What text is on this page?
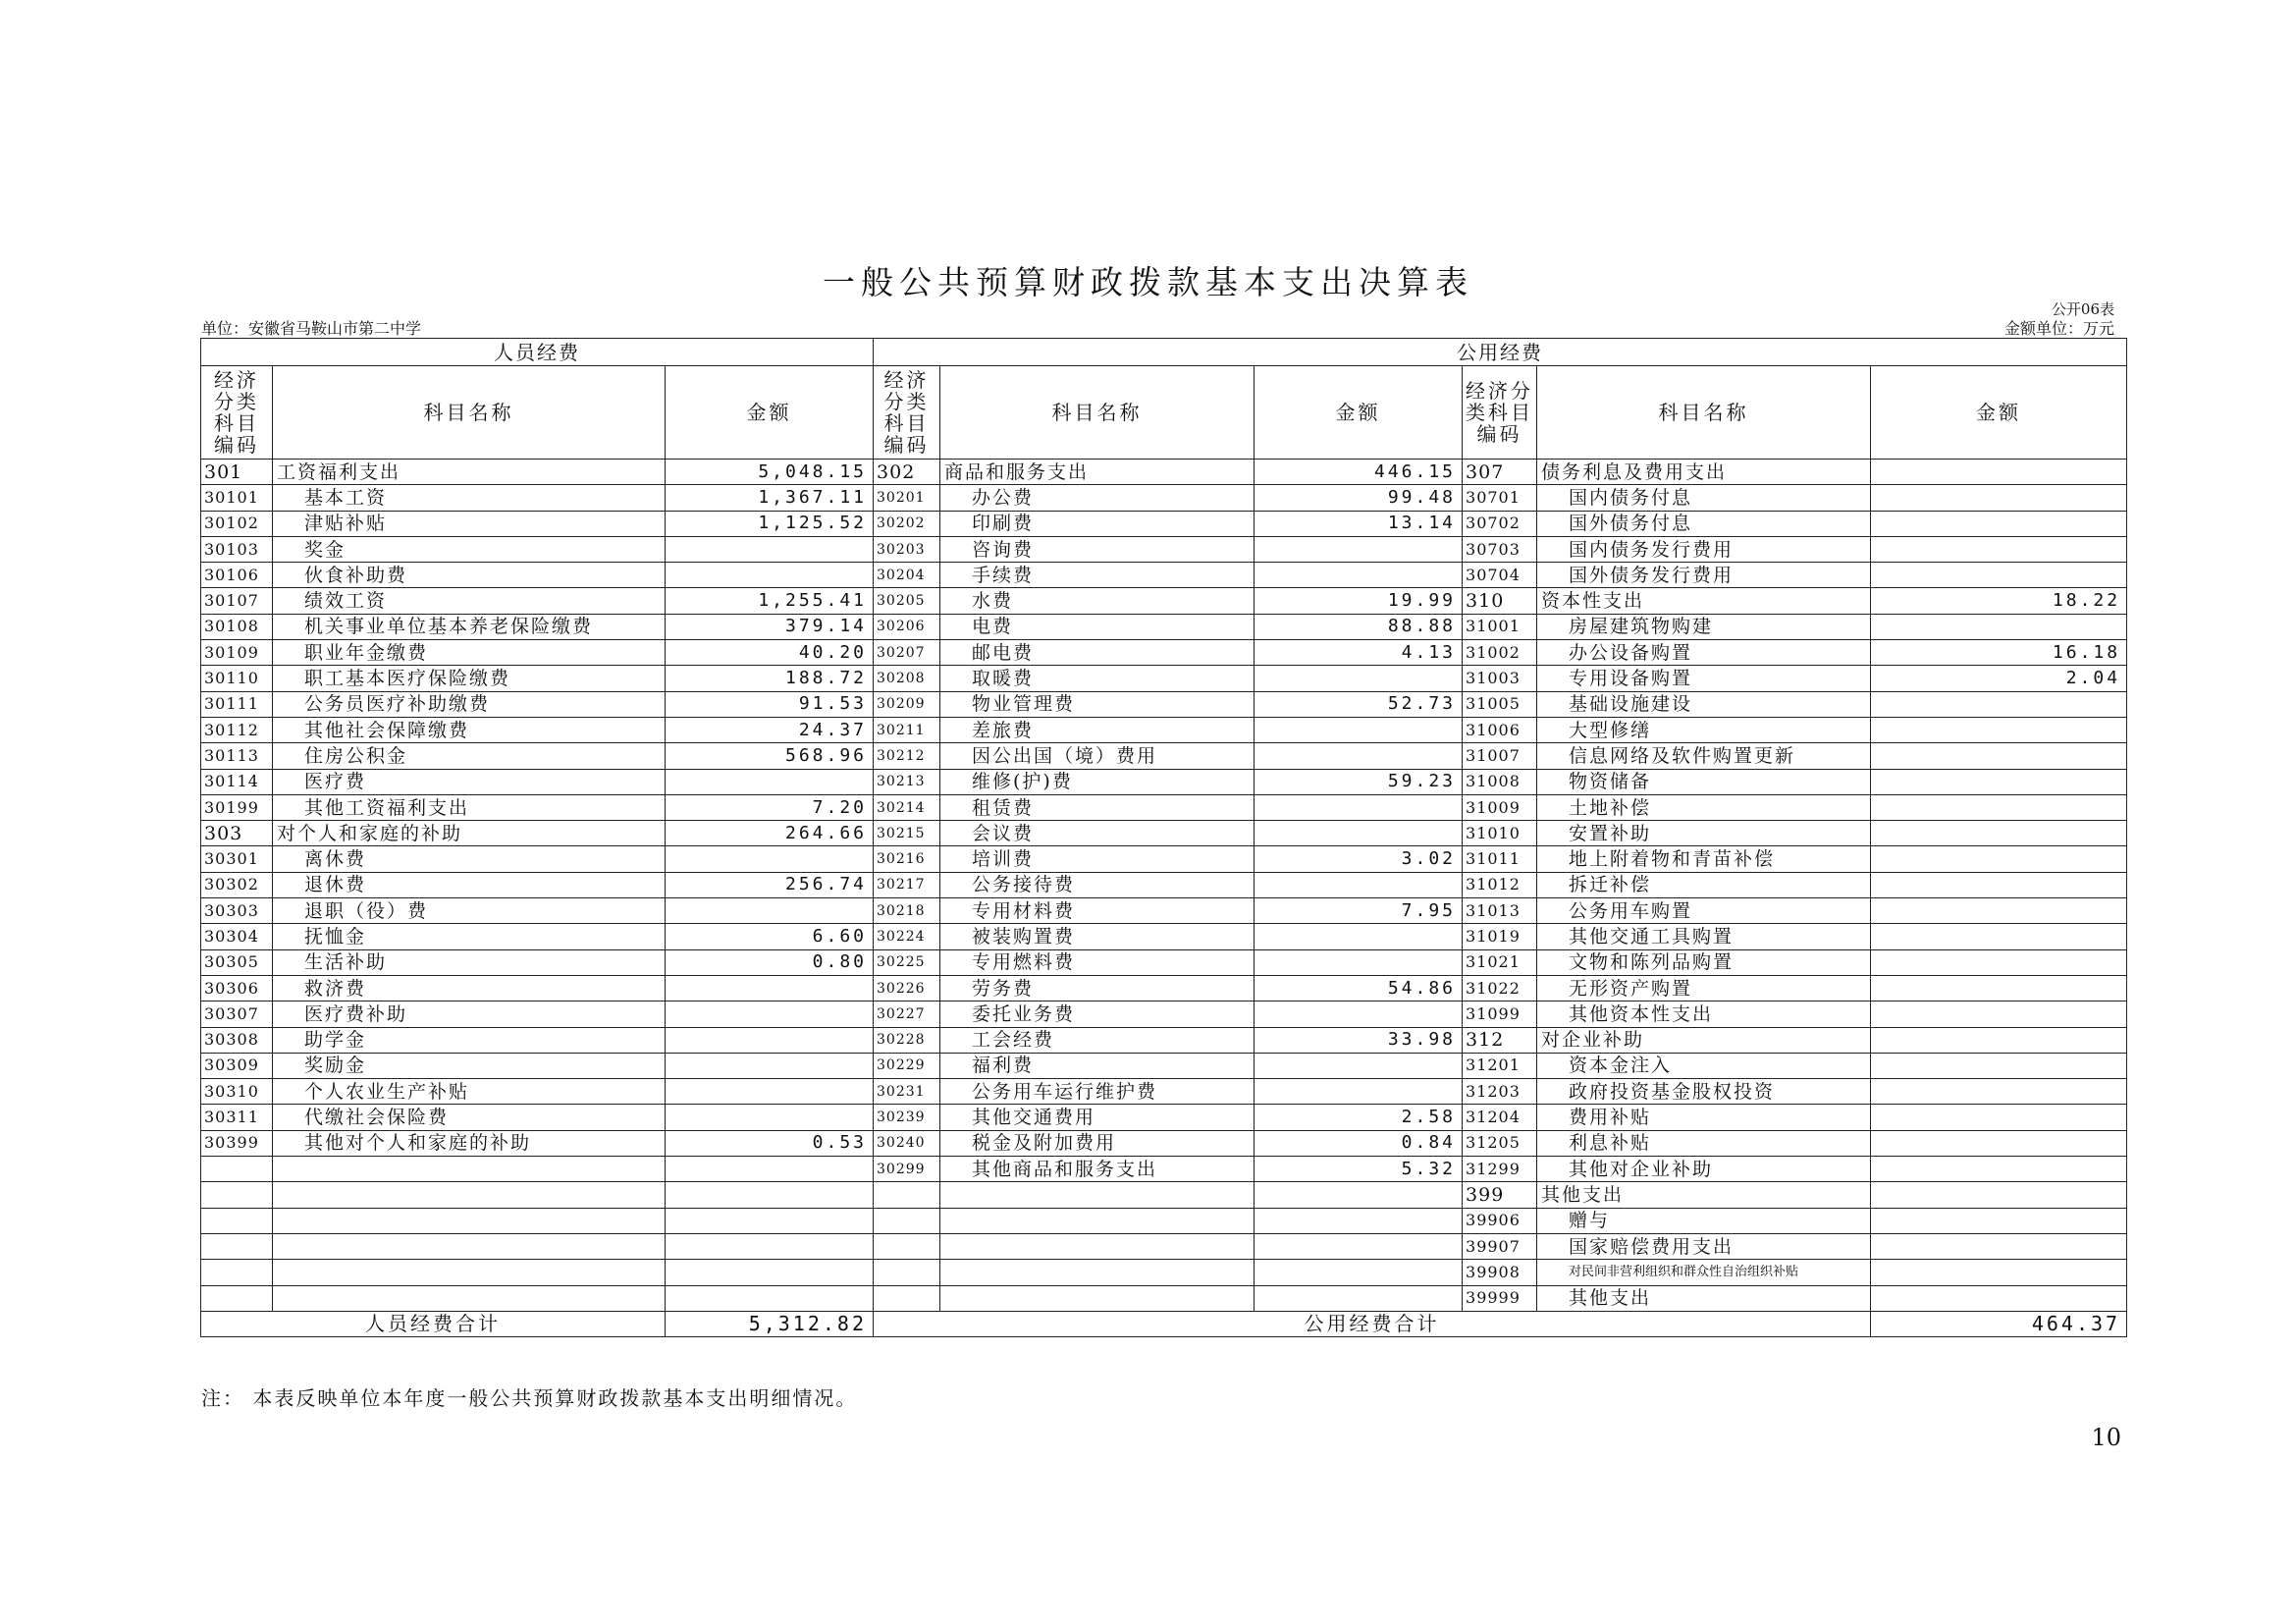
一般公共预算财政拨款基本支出决算表
公开06表
单位：安徽省马鞍山市第二中学	金额单位：万元
人员经费			公用经费					
经济分类科目编码	科目名称	金额	经济分类科目编码	科目名称	金额	经济分类科目编码	科目名称	金额
301	工资福利支出	5,048.15	302	商品和服务支出	446.15	307	债务利息及费用支出	
30101	基本工资	1,367.11	30201	办公费	99.48	30701	国内债务付息	
30102	津贴补贴	1,125.52	30202	印刷费	13.14	30702	国外债务付息	
30103	奖金		30203	咨询费		30703	国内债务发行费用	
30106	伙食补助费		30204	手续费		30704	国外债务发行费用	
30107	绩效工资	1,255.41	30205	水费	19.99	310	资本性支出	18.22
30108	机关事业单位基本养老保险缴费	379.14	30206	电费	88.88	31001	房屋建筑物购建	
30109	职业年金缴费	40.20	30207	邮电费	4.13	31002	办公设备购置	16.18
30110	职工基本医疗保险缴费	188.72	30208	取暖费		31003	专用设备购置	2.04
30111	公务员医疗补助缴费	91.53	30209	物业管理费	52.73	31005	基础设施建设	
30112	其他社会保障缴费	24.37	30211	差旅费		31006	大型修缮	
30113	住房公积金	568.96	30212	因公出国（境）费用		31007	信息网络及软件购置更新	
30114	医疗费		30213	维修(护)费	59.23	31008	物资储备	
30199	其他工资福利支出	7.20	30214	租赁费		31009	土地补偿	
303	对个人和家庭的补助	264.66	30215	会议费		31010	安置补助	
30301	离休费		30216	培训费	3.02	31011	地上附着物和青苗补偿	
30302	退休费	256.74	30217	公务接待费		31012	拆迁补偿	
30303	退职（役）费		30218	专用材料费	7.95	31013	公务用车购置	
30304	抚恤金	6.60	30224	被装购置费		31019	其他交通工具购置	
30305	生活补助	0.80	30225	专用燃料费		31021	文物和陈列品购置	
30306	救济费		30226	劳务费	54.86	31022	无形资产购置	
30307	医疗费补助		30227	委托业务费		31099	其他资本性支出	
30308	助学金		30228	工会经费	33.98	312	对企业补助	
30309	奖励金		30229	福利费		31201	资本金注入	
30310	个人农业生产补贴		30231	公务用车运行维护费		31203	政府投资基金股权投资	
30311	代缴社会保险费		30239	其他交通费用	2.58	31204	费用补贴	
30399	其他对个人和家庭的补助	0.53	30240	税金及附加费用	0.84	31205	利息补贴	
			30299	其他商品和服务支出	5.32	31299	其他对企业补助	
						399	其他支出	
						39906	赠与	
						39907	国家赔偿费用支出	
						39908	对民间非营利组织和群众性自治组织补贴	
						39999	其他支出	
人员经费合计		5,312.82	公用经费合计					464.37
注： 本表反映单位本年度一般公共预算财政拨款基本支出明细情况。
10
